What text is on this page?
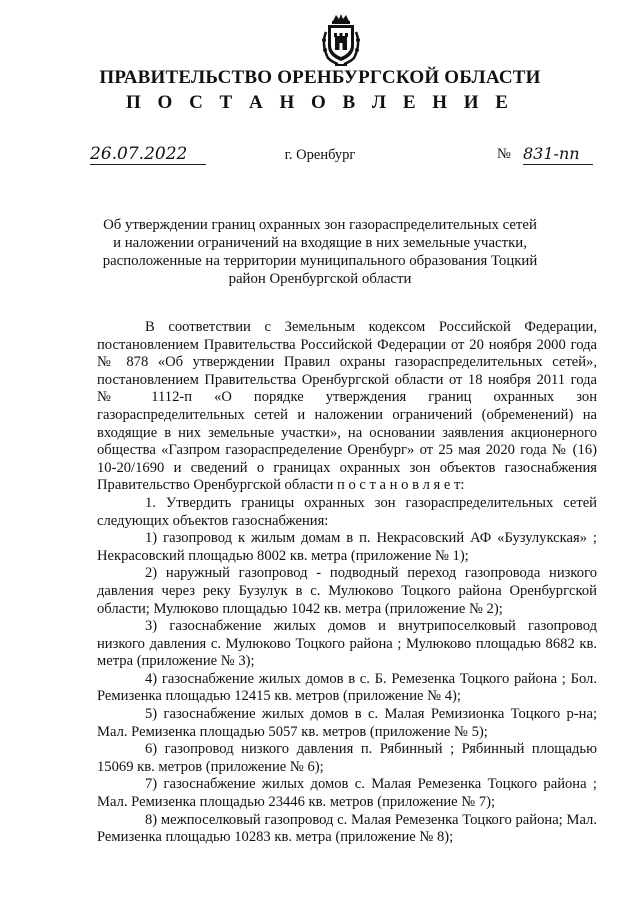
ПРАВИТЕЛЬСТВО ОРЕНБУРГСКОЙ ОБЛАСТИ
П О С Т А Н О В Л Е Н И Е
26.07.2022	г. Оренбург	№ 831-пп
Об утверждении границ охранных зон газораспределительных сетей и наложении ограничений на входящие в них земельные участки, расположенные на территории муниципального образования Тоцкий район Оренбургской области

В соответствии с Земельным кодексом Российской Федерации, постановлением Правительства Российской Федерации от 20 ноября 2000 года № 878 «Об утверждении Правил охраны газораспределительных сетей», постановлением Правительства Оренбургской области от 18 ноября 2011 года № 1112-п «О порядке утверждения границ охранных зон газораспределительных сетей и наложении ограничений (обременений) на входящие в них земельные участки», на основании заявления акционерного общества «Газпром газораспределение Оренбург» от 25 мая 2020 года № (16) 10-20/1690 и сведений о границах охранных зон объектов газоснабжения Правительство Оренбургской области п о с т а н о в л я е т:

1. Утвердить границы охранных зон газораспределительных сетей следующих объектов газоснабжения:

1) газопровод к жилым домам в п. Некрасовский АФ «Бузулукская» ; Некрасовский площадью 8002 кв. метра (приложение № 1);

2) наружный газопровод - подводный переход газопровода низкого давления через реку Бузулук в с. Мулюково Тоцкого района Оренбургской области; Мулюково площадью 1042 кв. метра (приложение № 2);

3) газоснабжение жилых домов и внутрипоселковый газопровод низкого давления с. Мулюково Тоцкого района ; Мулюково площадью 8682 кв. метра (приложение № 3);

4) газоснабжение жилых домов в с. Б. Ремезенка Тоцкого района ; Бол. Ремизенка площадью 12415 кв. метров (приложение № 4);

5) газоснабжение жилых домов в с. Малая Ремизионка Тоцкого р-на; Мал. Ремизенка площадью 5057 кв. метров (приложение № 5);

6) газопровод низкого давления п. Рябинный ; Рябинный площадью 15069 кв. метров (приложение № 6);

7) газоснабжение жилых домов с. Малая Ремезенка Тоцкого района ; Мал. Ремизенка площадью 23446 кв. метров (приложение № 7);

8) межпоселковый газопровод с. Малая Ремезенка Тоцкого района; Мал. Ремизенка площадью 10283 кв. метра (приложение № 8);
